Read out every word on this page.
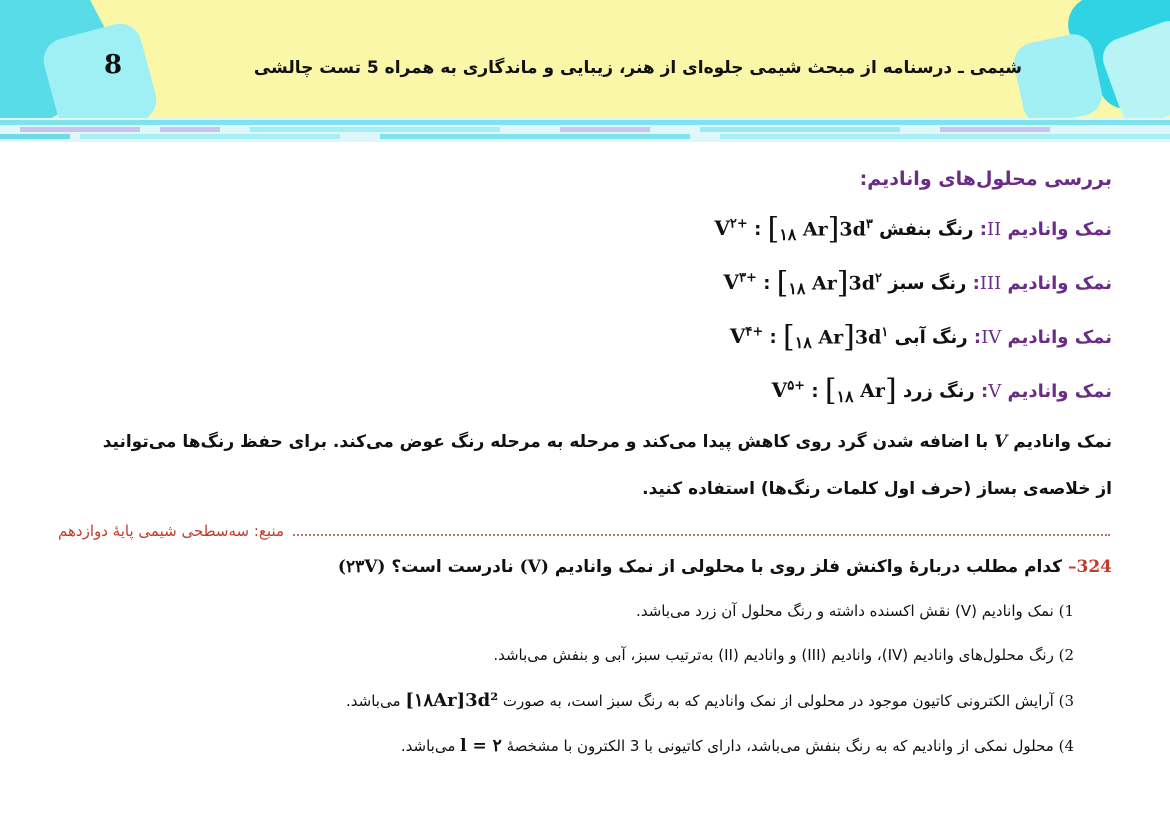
8	شیمی ـ درسنامه از مبحث شیمی جلوه‌ای از هنر، زیبایی و ماندگاری به همراه 5 تست چالشی
بررسی محلول‌های وانادیم:
نمک وانادیم II: رنگ بنفش [$_{۱۸}$ $Ar]3d^۳$ : $V^{۲+}$
نمک وانادیم III: رنگ سبز [$_{۱۸}$ $Ar]3d^۲$ : $V^{۳+}$
نمک وانادیم IV: رنگ آبی [$_{۱۸}$ $Ar]3d^۱$ : $V^{۴+}$
نمک وانادیم V: رنگ زرد [$_{۱۸}$ Ar] : $V^{۵+}$
نمک وانادیم V با اضافه شدن گرد روی کاهش پیدا می‌کند و مرحله به مرحله رنگ عوض می‌کند. برای حفظ رنگ‌ها می‌توانید
از خلاصه‌ی بساز (حرف اول کلمات رنگ‌ها) استفاده کنید.
منبع: سه‌سطحی شیمی پایهٔ دوازدهم
324– کدام مطلب دربارهٔ واکنش فلز روی با محلولی از نمک وانادیم (V) نادرست است؟ (۲۳V)
1) نمک وانادیم (V) نقش اکسنده داشته و رنگ محلول آن زرد می‌باشد.
2) رنگ محلول‌های وانادیم (IV)، وانادیم (III) و وانادیم (II) به‌ترتیب سبز، آبی و بنفش می‌باشد.
3) آرایش الکترونی کاتیون موجود در محلولی از نمک وانادیم که به رنگ سبز است، به صورت [۱۸Ar]3d² می‌باشد.
4) محلول نمکی از وانادیم که به رنگ بنفش می‌باشد، دارای کاتیونی با 3 الکترون با مشخصهٔ l = ۲ می‌باشد.
